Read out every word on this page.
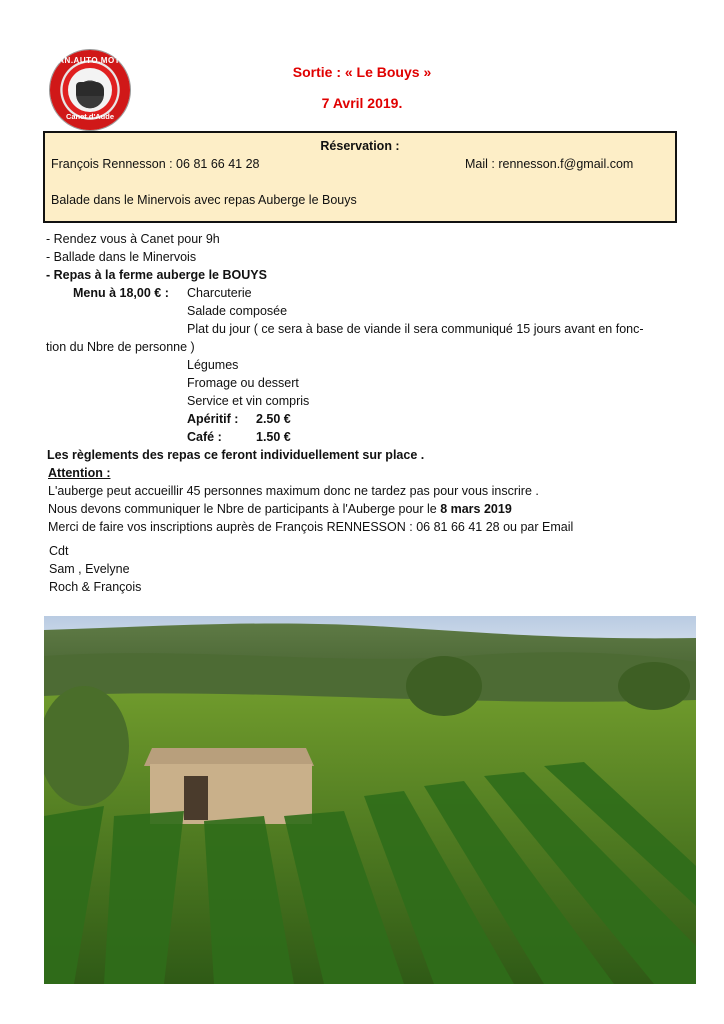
FAN.AUTO.MOTO
Canet d'Aude
Sortie : « Le Bouys »
7 Avril 2019.
Réservation :
François Rennesson : 06 81 66 41 28	Mail : rennesson.f@gmail.com
Balade dans le Minervois avec repas Auberge le Bouys
- Rendez vous à Canet pour 9h
- Ballade dans le Minervois
- Repas à la ferme auberge le BOUYS
Menu à 18,00 € : Charcuterie
Salade composée
Plat du jour ( ce sera à base de viande il sera communiqué 15 jours avant en fonc-
tion du Nbre de personne )
Légumes
Fromage ou dessert
Service et vin compris
Apéritif : 2.50 €
Café :	1.50 €
Les règlements des repas ce feront individuellement sur place .
Attention :
L'auberge peut accueillir 45 personnes maximum donc ne tardez pas pour vous inscrire .
Nous devons communiquer le Nbre de participants à l'Auberge pour le 8 mars 2019
Merci de faire vos inscriptions auprès de François RENNESSON : 06 81 66 41 28 ou par Email
Cdt
Sam , Evelyne
Roch & François
